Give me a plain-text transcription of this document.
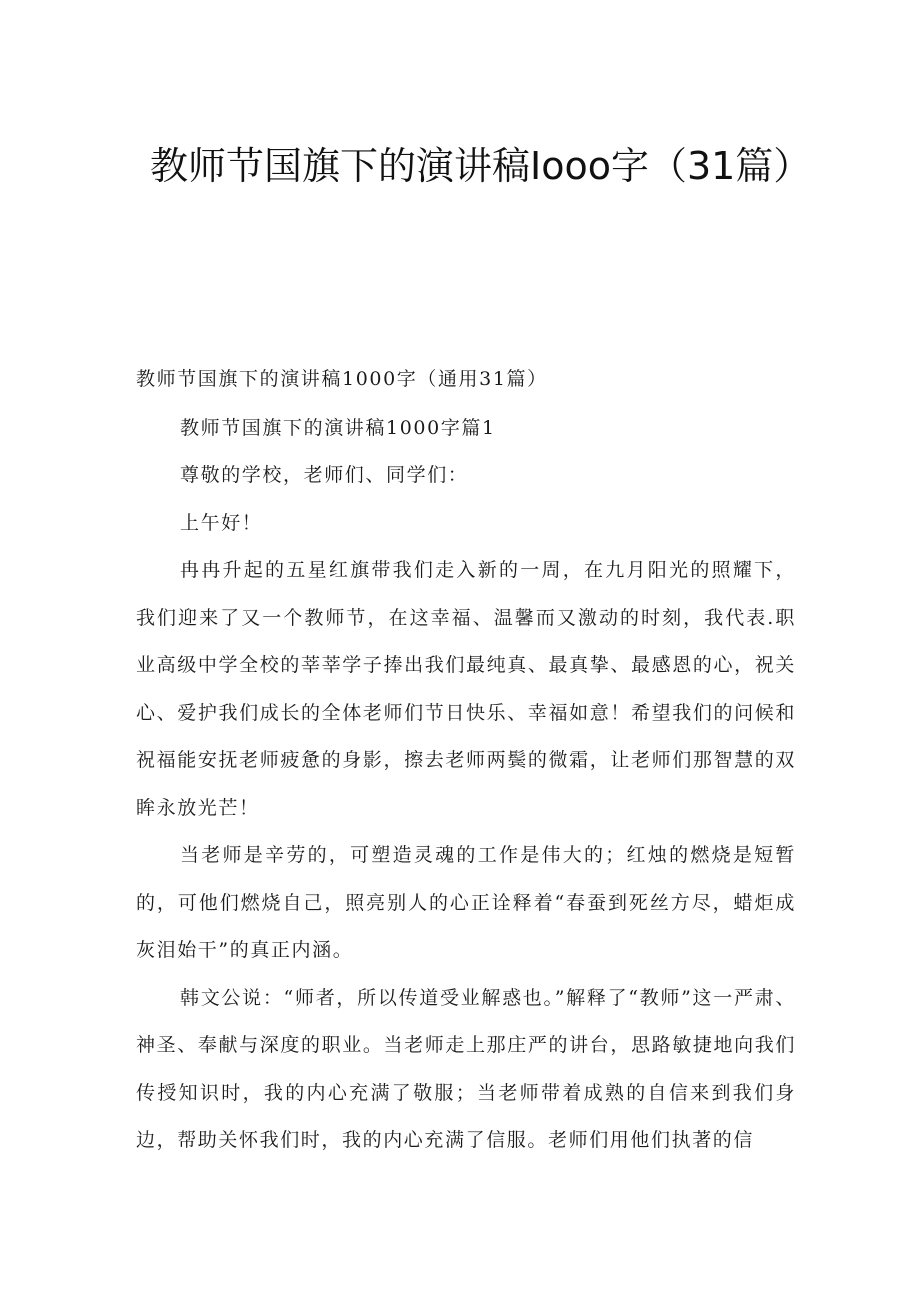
教师节国旗下的演讲稿Iooo字（31篇）

教师节国旗下的演讲稿1000字（通用31篇）

教师节国旗下的演讲稿1000字篇1

尊敬的学校，老师们、同学们：

上午好！

冉冉升起的五星红旗带我们走入新的一周，在九月阳光的照耀下，我们迎来了又一个教师节，在这幸福、温馨而又激动的时刻，我代表.职业高级中学全校的莘莘学子捧出我们最纯真、最真挚、最感恩的心，祝关心、爱护我们成长的全体老师们节日快乐、幸福如意！希望我们的问候和祝福能安抚老师疲惫的身影，擦去老师两鬓的微霜，让老师们那智慧的双眸永放光芒！

当老师是辛劳的，可塑造灵魂的工作是伟大的；红烛的燃烧是短暂的，可他们燃烧自己，照亮别人的心正诠释着“春蚕到死丝方尽，蜡炬成灰泪始干”的真正内涵。

韩文公说：“师者，所以传道受业解惑也。”解释了“教师”这一严肃、神圣、奉献与深度的职业。当老师走上那庄严的讲台，思路敏捷地向我们传授知识时，我的内心充满了敬服；当老师带着成熟的自信来到我们身边，帮助关怀我们时，我的内心充满了信服。老师们用他们执著的信
